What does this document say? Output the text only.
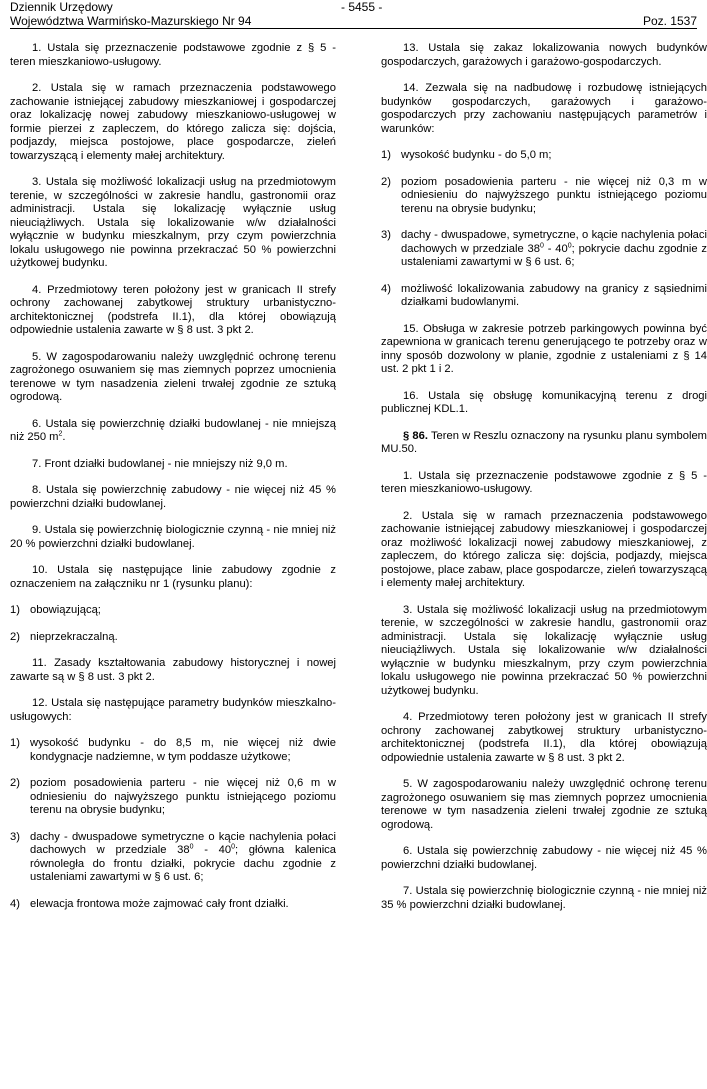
Dziennik Urzędowy	- 5455 -
Województwa Warmińsko-Mazurskiego Nr 94	Poz. 1537

1. Ustala się przeznaczenie podstawowe zgodnie z § 5 - teren mieszkaniowo-usługowy.

2. Ustala się w ramach przeznaczenia podstawowego zachowanie istniejącej zabudowy mieszkaniowej i gospodarczej oraz lokalizację nowej zabudowy mieszkaniowo-usługowej w formie pierzei z zapleczem, do którego zalicza się: dojścia, podjazdy, miejsca postojowe, place gospodarcze, zieleń towarzyszącą i elementy małej architektury.

3. Ustala się możliwość lokalizacji usług na przedmiotowym terenie, w szczególności w zakresie handlu, gastronomii oraz administracji. Ustala się lokalizację wyłącznie usług nieuciążliwych. Ustala się lokalizowanie w/w działalności wyłącznie w budynku mieszkalnym, przy czym powierzchnia lokalu usługowego nie powinna przekraczać 50 % powierzchni użytkowej budynku.

4. Przedmiotowy teren położony jest w granicach II strefy ochrony zachowanej zabytkowej struktury urbanistyczno-architektonicznej (podstrefa II.1), dla której obowiązują odpowiednie ustalenia zawarte w § 8 ust. 3 pkt 2.

5. W zagospodarowaniu należy uwzględnić ochronę terenu zagrożonego osuwaniem się mas ziemnych poprzez umocnienia terenowe w tym nasadzenia zieleni trwałej zgodnie ze sztuką ogrodową.

6. Ustala się powierzchnię działki budowlanej - nie mniejszą niż 250 $m^2$.

7. Front działki budowlanej - nie mniejszy niż 9,0 m.

8. Ustala się powierzchnię zabudowy - nie więcej niż 45 % powierzchni działki budowlanej.

9. Ustala się powierzchnię biologicznie czynną - nie mniej niż 20 % powierzchni działki budowlanej.

10. Ustala się następujące linie zabudowy zgodnie z oznaczeniem na załączniku nr 1 (rysunku planu):

1) obowiązującą;
2) nieprzekraczalną.

11. Zasady kształtowania zabudowy historycznej i nowej zawarte są w § 8 ust. 3 pkt 2.

12. Ustala się następujące parametry budynków mieszkalno-usługowych:

1) wysokość budynku - do 8,5 m, nie więcej niż dwie kondygnacje nadziemne, w tym poddasze użytkowe;
2) poziom posadowienia parteru - nie więcej niż 0,6 m w odniesieniu do najwyższego punktu istniejącego poziomu terenu na obrysie budynku;
3) dachy - dwuspadowe symetryczne o kącie nachylenia połaci dachowych w przedziale $38^0 - 40^0$; główna kalenica równoległa do frontu działki, pokrycie dachu zgodnie z ustaleniami zawartymi w § 6 ust. 6;
4) elewacja frontowa może zajmować cały front działki.

13. Ustala się zakaz lokalizowania nowych budynków gospodarczych, garażowych i garażowo-gospodarczych.

14. Zezwala się na nadbudowę i rozbudowę istniejących budynków gospodarczych, garażowych i garażowo-gospodarczych przy zachowaniu następujących parametrów i warunków:

1) wysokość budynku - do 5,0 m;
2) poziom posadowienia parteru - nie więcej niż 0,3 m w odniesieniu do najwyższego punktu istniejącego poziomu terenu na obrysie budynku;
3) dachy - dwuspadowe, symetryczne, o kącie nachylenia połaci dachowych w przedziale $38^0 - 40^0$; pokrycie dachu zgodnie z ustaleniami zawartymi w § 6 ust. 6;
4) możliwość lokalizowania zabudowy na granicy z sąsiednimi działkami budowlanymi.

15. Obsługa w zakresie potrzeb parkingowych powinna być zapewniona w granicach terenu generującego te potrzeby oraz w inny sposób dozwolony w planie, zgodnie z ustaleniami z § 14 ust. 2 pkt 1 i 2.

16. Ustala się obsługę komunikacyjną terenu z drogi publicznej KDL.1.

§ 86. Teren w Reszlu oznaczony na rysunku planu symbolem MU.50.

1. Ustala się przeznaczenie podstawowe zgodnie z § 5 - teren mieszkaniowo-usługowy.

2. Ustala się w ramach przeznaczenia podstawowego zachowanie istniejącej zabudowy mieszkaniowej i gospodarczej oraz możliwość lokalizacji nowej zabudowy mieszkaniowej, z zapleczem, do którego zalicza się: dojścia, podjazdy, miejsca postojowe, place zabaw, place gospodarcze, zieleń towarzyszącą i elementy małej architektury.

3. Ustala się możliwość lokalizacji usług na przedmiotowym terenie, w szczególności w zakresie handlu, gastronomii oraz administracji. Ustala się lokalizację wyłącznie usług nieuciążliwych. Ustala się lokalizowanie w/w działalności wyłącznie w budynku mieszkalnym, przy czym powierzchnia lokalu usługowego nie powinna przekraczać 50 % powierzchni użytkowej budynku.

4. Przedmiotowy teren położony jest w granicach II strefy ochrony zachowanej zabytkowej struktury urbanistyczno-architektonicznej (podstrefa II.1), dla której obowiązują odpowiednie ustalenia zawarte w § 8 ust. 3 pkt 2.

5. W zagospodarowaniu należy uwzględnić ochronę terenu zagrożonego osuwaniem się mas ziemnych poprzez umocnienia terenowe w tym nasadzenia zieleni trwałej zgodnie ze sztuką ogrodową.

6. Ustala się powierzchnię zabudowy - nie więcej niż 45 % powierzchni działki budowlanej.

7. Ustala się powierzchnię biologicznie czynną - nie mniej niż 35 % powierzchni działki budowlanej.
